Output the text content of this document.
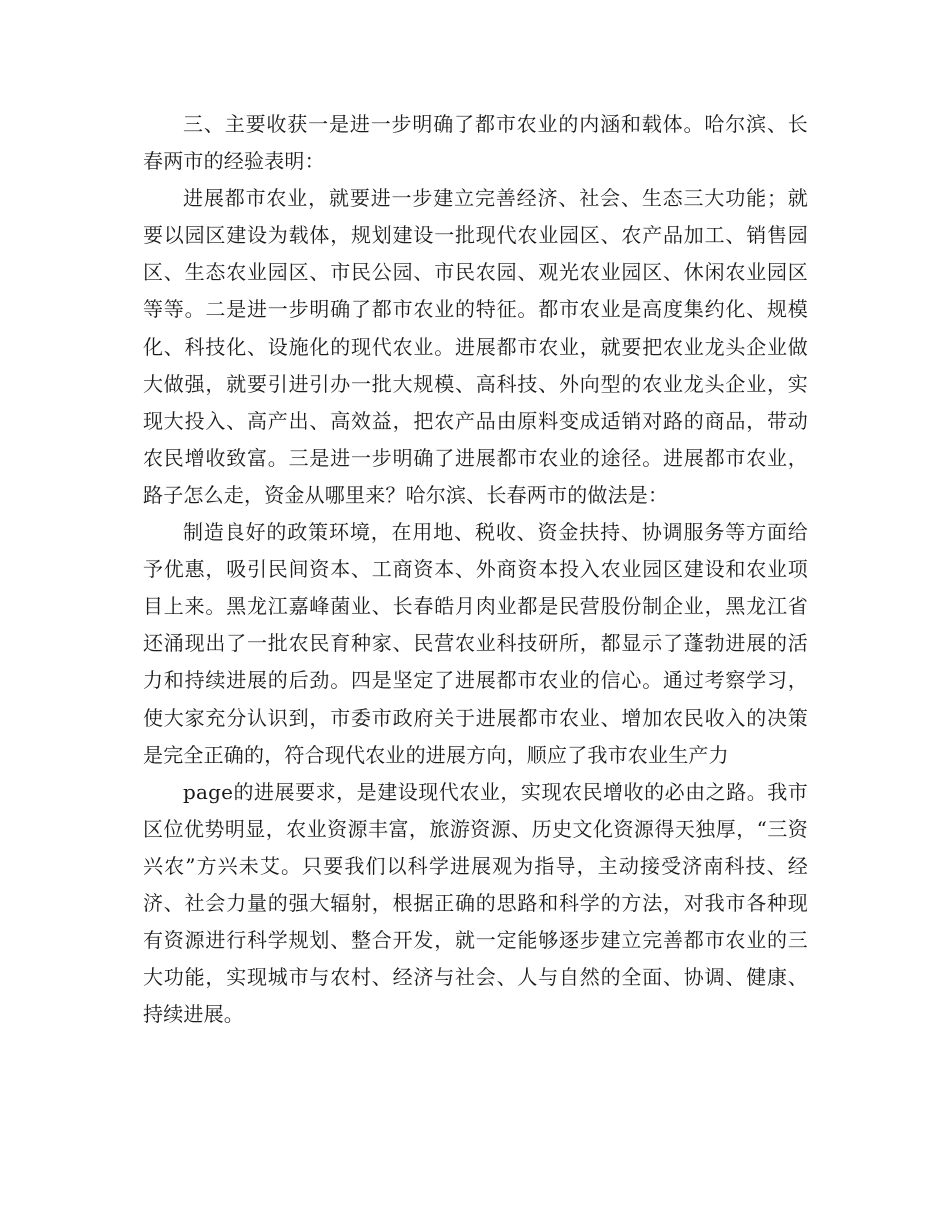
三、主要收获一是进一步明确了都市农业的内涵和载体。哈尔滨、长春两市的经验表明：

进展都市农业，就要进一步建立完善经济、社会、生态三大功能；就要以园区建设为载体，规划建设一批现代农业园区、农产品加工、销售园区、生态农业园区、市民公园、市民农园、观光农业园区、休闲农业园区等等。二是进一步明确了都市农业的特征。都市农业是高度集约化、规模化、科技化、设施化的现代农业。进展都市农业，就要把农业龙头企业做大做强，就要引进引办一批大规模、高科技、外向型的农业龙头企业，实现大投入、高产出、高效益，把农产品由原料变成适销对路的商品，带动农民增收致富。三是进一步明确了进展都市农业的途径。进展都市农业，路子怎么走，资金从哪里来？哈尔滨、长春两市的做法是：

制造良好的政策环境，在用地、税收、资金扶持、协调服务等方面给予优惠，吸引民间资本、工商资本、外商资本投入农业园区建设和农业项目上来。黑龙江嘉峰菌业、长春皓月肉业都是民营股份制企业，黑龙江省还涌现出了一批农民育种家、民营农业科技研所，都显示了蓬勃进展的活力和持续进展的后劲。四是坚定了进展都市农业的信心。通过考察学习，使大家充分认识到，市委市政府关于进展都市农业、增加农民收入的决策是完全正确的，符合现代农业的进展方向，顺应了我市农业生产力

page的进展要求，是建设现代农业，实现农民增收的必由之路。我市区位优势明显，农业资源丰富，旅游资源、历史文化资源得天独厚，“三资兴农”方兴未艾。只要我们以科学进展观为指导，主动接受济南科技、经济、社会力量的强大辐射，根据正确的思路和科学的方法，对我市各种现有资源进行科学规划、整合开发，就一定能够逐步建立完善都市农业的三大功能，实现城市与农村、经济与社会、人与自然的全面、协调、健康、持续进展。
